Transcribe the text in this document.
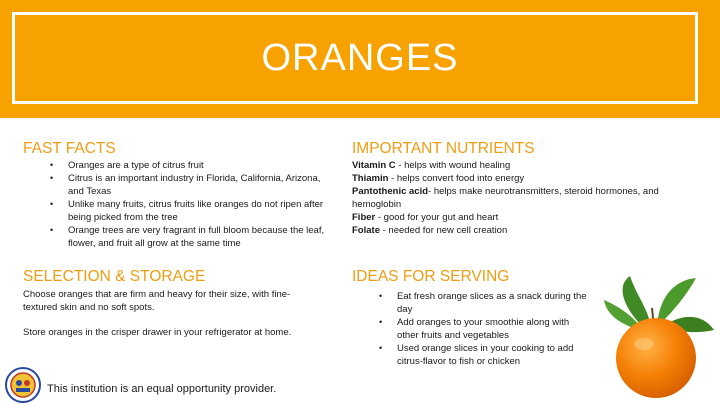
ORANGES
FAST FACTS
• Oranges are a type of citrus fruit
• Citrus is an important industry in Florida, California, Arizona, and Texas
• Unlike many fruits, citrus fruits like oranges do not ripen after being picked from the tree
• Orange trees are very fragrant in full bloom because the leaf, flower, and fruit all grow at the same time
IMPORTANT NUTRIENTS
Vitamin C - helps with wound healing
Thiamin - helps convert food into energy
Pantothenic acid- helps make neurotransmitters, steroid hormones, and hemoglobin
Fiber - good for your gut and heart
Folate - needed for new cell creation
SELECTION & STORAGE
Choose oranges that are firm and heavy for their size, with fine-textured skin and no soft spots.
Store oranges in the crisper drawer in your refrigerator at home.
IDEAS FOR SERVING
• Eat fresh orange slices as a snack during the day
• Add oranges to your smoothie along with other fruits and vegetables
• Used orange slices in your cooking to add citrus-flavor to fish or chicken
This institution is an equal opportunity provider.
